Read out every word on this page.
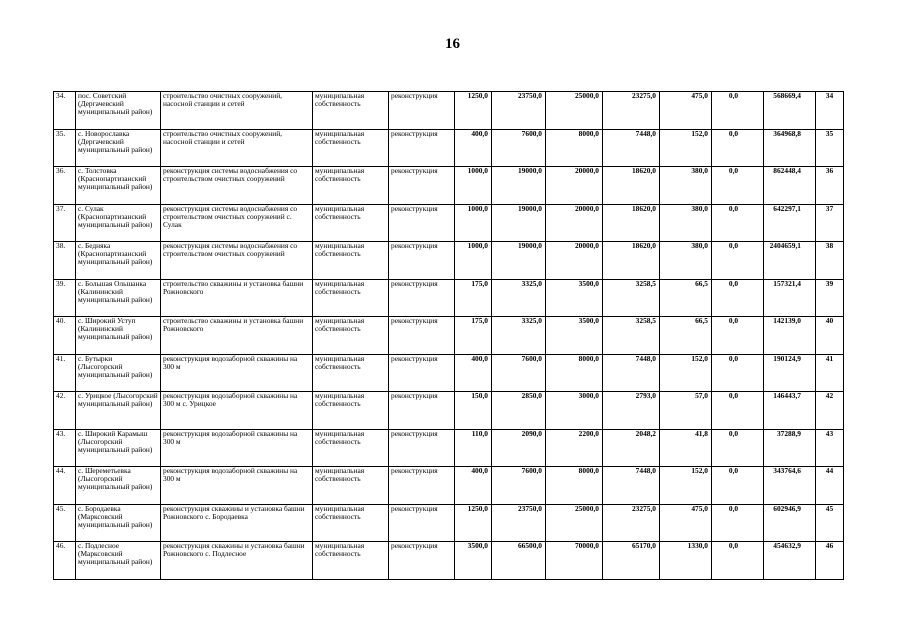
16
34.	пос. Советский (Дергачевский муниципальный район)	строительство очистных сооружений, насосной станции и сетей	муниципальная собственность	реконструкция	1250,0	23750,0	25000,0	23275,0	475,0	0,0	568669,4	34
35.	с. Новорославка (Дергачевский муниципальный район)	строительство очистных сооружений, насосной станции и сетей	муниципальная собственность	реконструкция	400,0	7600,0	8000,0	7448,0	152,0	0,0	364968,8	35
36.	с. Толстовка (Краснопартизанский муниципальный район)	реконструкция системы водоснабжения со строительством очистных сооружений	муниципальная собственность	реконструкция	1000,0	19000,0	20000,0	18620,0	380,0	0,0	862448,4	36
37.	с. Сулак (Краснопартизанский муниципальный район)	реконструкция системы водоснабжения со строительством очистных сооружений с. Сулак	муниципальная собственность	реконструкция	1000,0	19000,0	20000,0	18620,0	380,0	0,0	642297,1	37
38.	с. Бедняка (Краснопартизанский муниципальный район)	реконструкция системы водоснабжения со строительством очистных сооружений	муниципальная собственность	реконструкция	1000,0	19000,0	20000,0	18620,0	380,0	0,0	2404659,1	38
39.	с. Большая Ольшанка (Калининский муниципальный район)	строительство скважины и установка башни Рожновского	муниципальная собственность	реконструкция	175,0	3325,0	3500,0	3258,5	66,5	0,0	157321,4	39
40.	с. Широкий Уступ (Калининский муниципальный район)	строительство скважины и установка башни Рожновского	муниципальная собственность	реконструкция	175,0	3325,0	3500,0	3258,5	66,5	0,0	142139,0	40
41.	с. Бутырки (Лысогорский муниципальный район)	реконструкция водозаборной скважины на 300 м	муниципальная собственность	реконструкция	400,0	7600,0	8000,0	7448,0	152,0	0,0	190124,9	41
42.	с. Урицкое (Лысогорский муниципальный район)	реконструкция водозаборной скважины на 300 м с. Урицкое	муниципальная собственность	реконструкция	150,0	2850,0	3000,0	2793,0	57,0	0,0	146443,7	42
43.	с. Широкий Карамыш (Лысогорский муниципальный район)	реконструкция водозаборной скважины на 300 м	муниципальная собственность	реконструкция	110,0	2090,0	2200,0	2048,2	41,8	0,0	37288,9	43
44.	с. Шереметьевка (Лысогорский муниципальный район)	реконструкция водозаборной скважины на 300 м	муниципальная собственность	реконструкция	400,0	7600,0	8000,0	7448,0	152,0	0,0	343764,6	44
45.	с. Бородаевка (Марксовский муниципальный район)	реконструкция скважины и установка башни Рожновского с. Бородаевка	муниципальная собственность	реконструкция	1250,0	23750,0	25000,0	23275,0	475,0	0,0	602946,9	45
46.	с. Подлесное (Марксовский муниципальный район)	реконструкция скважины и установка башни Рожновского с. Подлесное	муниципальная собственность	реконструкция	3500,0	66500,0	70000,0	65170,0	1330,0	0,0	454632,9	46
